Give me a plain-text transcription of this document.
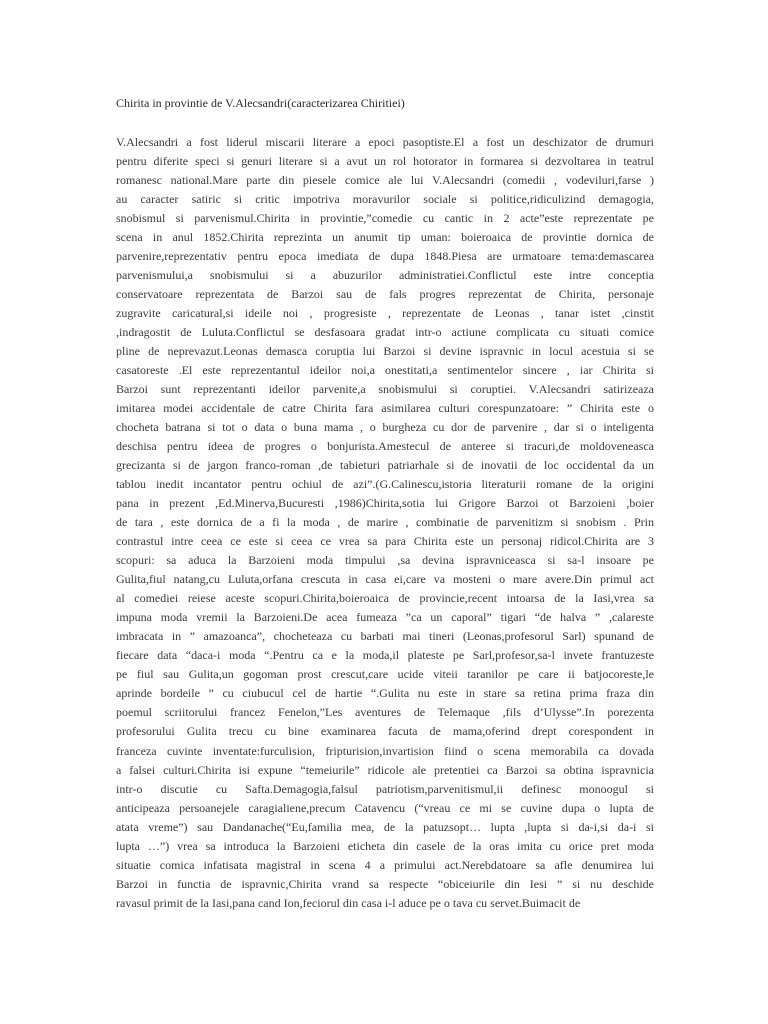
Chirita in provintie de V.Alecsandri(caracterizarea Chiritiei)
V.Alecsandri a fost liderul miscarii literare a epoci pasoptiste.El a fost un deschizator de drumuri
pentru diferite speci si genuri literare si a avut un rol hotorator in formarea si dezvoltarea in teatrul
romanesc national.Mare parte din piesele comice ale lui V.Alecsandri (comedii , vodeviluri,farse )
au caracter satiric si critic impotriva moravurilor sociale si politice,ridiculizind demagogia,
snobismul si parvenismul.Chirita in provintie,”comedie cu cantic in 2 acte”este reprezentate pe
scena in anul 1852.Chirita reprezinta un anumit tip uman: boieroaica de provintie dornica de
parvenire,reprezentativ pentru epoca imediata de dupa 1848.Piesa are urmatoare tema:demascarea
parvenismului,a snobismului si a abuzurilor administratiei.Conflictul este intre conceptia
conservatoare reprezentata de Barzoi sau de fals progres reprezentat de Chirita, personaje
zugravite caricatural,si ideile noi , progresiste , reprezentate de Leonas , tanar istet ,cinstit
,indragostit de Luluta.Conflictul se desfasoara gradat intr-o actiune complicata cu situati comice
pline de neprevazut.Leonas demasca coruptia lui Barzoi si devine ispravnic in locul acestuia si se
casatoreste .El este reprezentantul ideilor noi,a onestitati,a sentimentelor sincere , iar Chirita si
Barzoi sunt reprezentanti ideilor parvenite,a snobismului si coruptiei. V.Alecsandri satirizeaza
imitarea modei accidentale de catre Chirita fara asimilarea culturi corespunzatoare: ” Chirita este o
chocheta batrana si tot o data o buna mama , o burgheza cu dor de parvenire , dar si o inteligenta
deschisa pentru ideea de progres o bonjurista.Amestecul de anteree si tracuri,de moldoveneasca
grecizanta si de jargon franco-roman ,de tabieturi patriarhale si de inovatii de loc occidental da un
tablou inedit incantator pentru ochiul de azi”.(G.Calinescu,istoria literaturii romane de la origini
pana in prezent ,Ed.Minerva,Bucuresti ,1986)Chirita,sotia lui Grigore Barzoi ot Barzoieni ,boier
de tara , este dornica de a fi la moda , de marire , combinatie de parvenitizm si snobism . Prin
contrastul intre ceea ce este si ceea ce vrea sa para Chirita este un personaj ridicol.Chirita are 3
scopuri: sa aduca la Barzoieni moda timpului ,sa devina ispravniceasca si sa-l insoare pe
Gulita,fiul natang,cu Luluta,orfana crescuta in casa ei,care va mosteni o mare avere.Din primul act
al comediei reiese aceste scopuri.Chirita,boieroaica de provincie,recent intoarsa de la Iasi,vrea sa
impuna moda vremii la Barzoieni.De acea fumeaza ”ca un caporal” tigari “de halva ” ,calareste
imbracata in ” amazoanca”, chocheteaza cu barbati mai tineri (Leonas,profesorul Sarl) spunand de
fiecare data “daca-i moda “.Pentru ca e la moda,il plateste pe Sarl,profesor,sa-l invete frantuzeste
pe fiul sau Gulita,un gogoman prost crescut,care ucide viteii taranilor pe care ii batjocoreste,le
aprinde bordeile ” cu ciubucul cel de hartie “.Gulita nu este in stare sa retina prima fraza din
poemul scriitorului francez Fenelon,”Les aventures de Telemaque ,fils d’Ulysse”.In porezenta
profesorului Gulita trecu cu bine examinarea facuta de mama,oferind drept corespondent in
franceza cuvinte inventate:furculision, fripturision,invartision fiind o scena memorabila ca dovada
a falsei culturi.Chirita isi expune “temeiurile” ridicole ale pretentiei ca Barzoi sa obtina ispravnicia
intr-o discutie cu Safta.Demagogia,falsul patriotism,parvenitismul,ii definesc monoogul si
anticipeaza persoanejele caragialiene,precum Catavencu (“vreau ce mi se cuvine dupa o lupta de
atata vreme”) sau Dandanache(“Eu,familia mea, de la patuzsopt… lupta ,lupta si da-i,si da-i si
lupta …”) vrea sa introduca la Barzoieni eticheta din casele de la oras imita cu orice pret moda
situatie comica infatisata magistral in scena 4 a primului act.Nerebdatoare sa afle denumirea lui
Barzoi in functia de ispravnic,Chirita vrand sa respecte “obiceiurile din Iesi ” si nu deschide
ravasul primit de la Iasi,pana cand Ion,feciorul din casa i-l aduce pe o tava cu servet.Buimacit de
